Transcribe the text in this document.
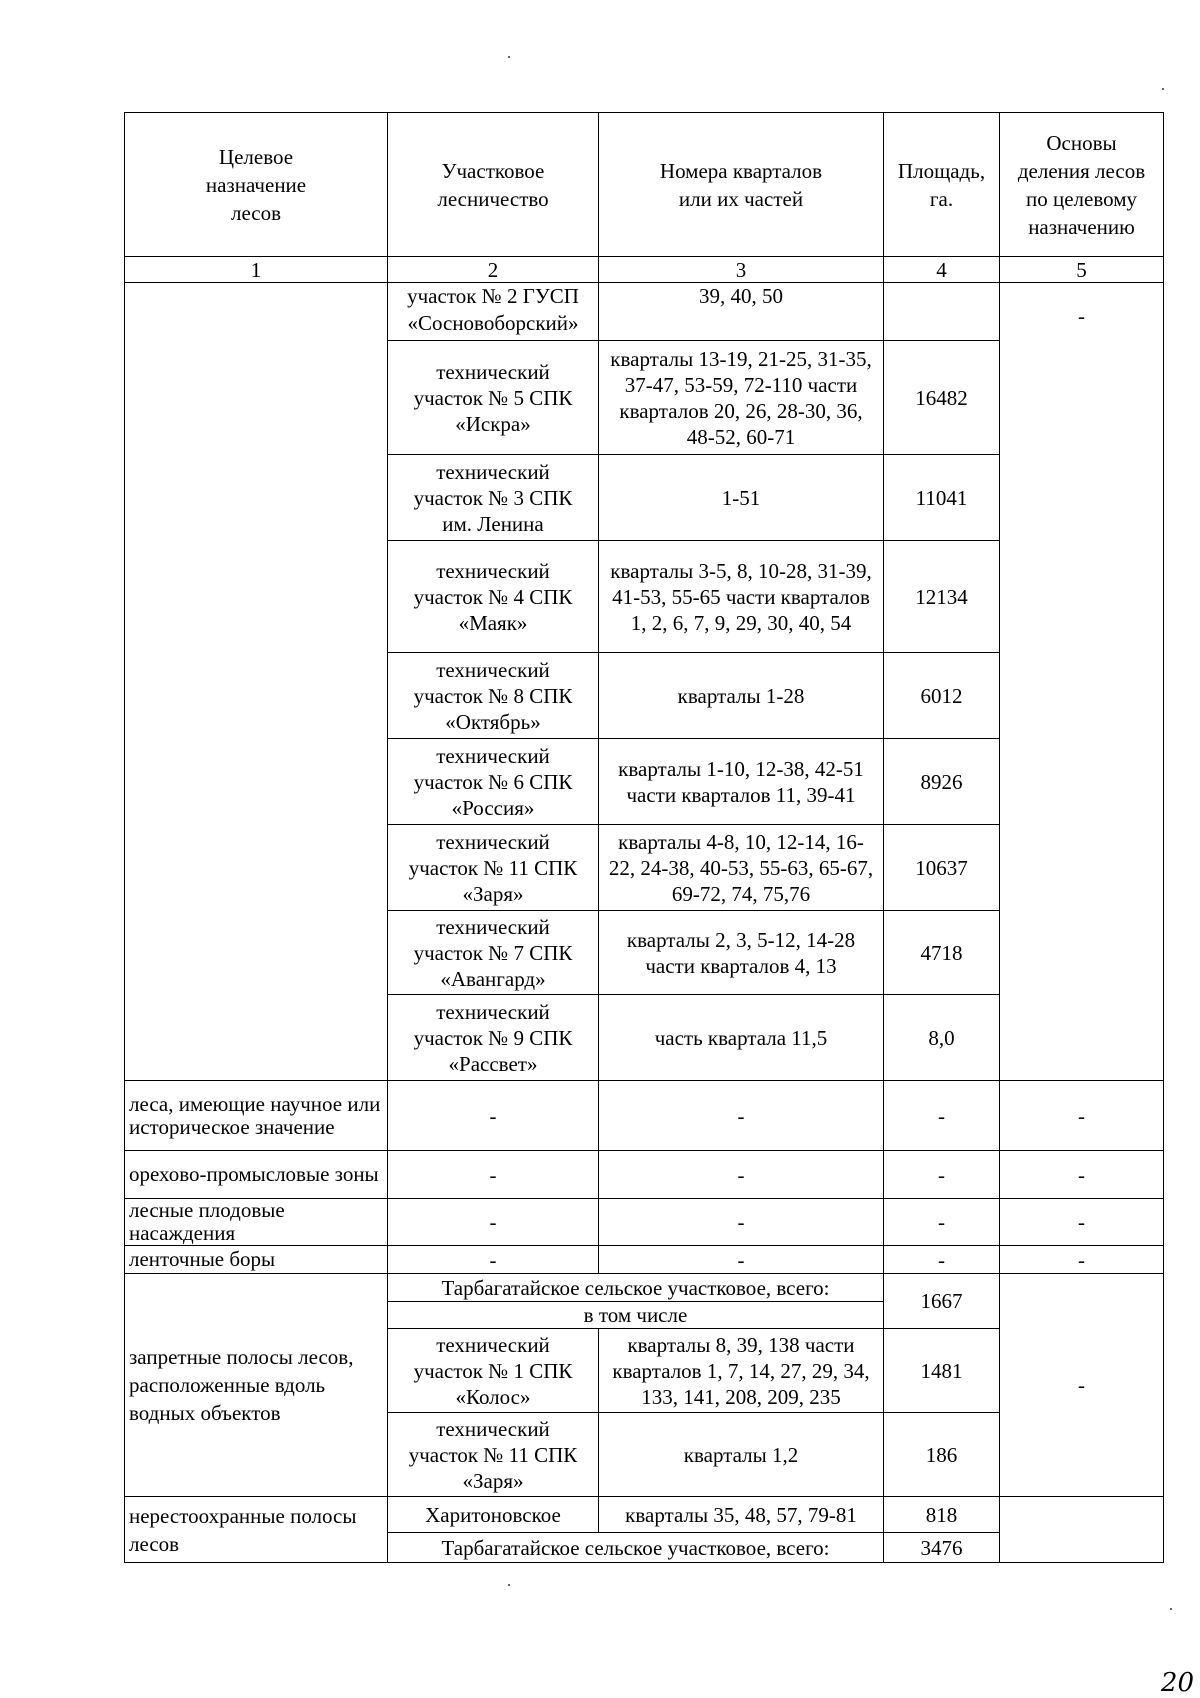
Целевое назначение лесов	Участковое лесничество	Номера кварталов или их частей	Площадь, га.	Основы деления лесов по целевому назначению

1	2	3	4	5

	участок № 2 ГУСП «Сосновоборский»	39, 40, 50		-

	технический участок № 5 СПК «Искра»	кварталы 13-19, 21-25, 31-35, 37-47, 53-59, 72-110 части кварталов 20, 26, 28-30, 36, 48-52, 60-71	16482	

	технический участок № 3 СПК им. Ленина	1-51	11041	

	технический участок № 4 СПК «Маяк»	кварталы 3-5, 8, 10-28, 31-39, 41-53, 55-65 части кварталов 1, 2, 6, 7, 9, 29, 30, 40, 54	12134	

	технический участок № 8 СПК «Октябрь»	кварталы 1-28	6012	

	технический участок № 6 СПК «Россия»	кварталы 1-10, 12-38, 42-51 части кварталов 11, 39-41	8926	

	технический участок № 11 СПК «Заря»	кварталы 4-8, 10, 12-14, 16-22, 24-38, 40-53, 55-63, 65-67, 69-72, 74, 75,76	10637	

	технический участок № 7 СПК «Авангард»	кварталы 2, 3, 5-12, 14-28 части кварталов 4, 13	4718	

	технический участок № 9 СПК «Рассвет»	часть квартала 11,5	8,0	
леса, имеющие научное или историческое значение	-	-	-	-
орехово-промысловые зоны	-	-	-	-
лесные плодовые насаждения	-	-	-	-
ленточные боры	-	-	-	-
запретные полосы лесов, расположенные вдоль водных объектов	Тарбагатайское сельское участковое, всего:		1667	-
	в том числе			

	технический участок № 1 СПК «Колос»	кварталы 8, 39, 138 части кварталов 1, 7, 14, 27, 29, 34, 133, 141, 208, 209, 235	1481	

	технический участок № 11 СПК «Заря»	кварталы 1,2	186	
нерестоохранные полосы лесов	Харитоновское	кварталы 35, 48, 57, 79-81	818	
	Тарбагатайское сельское участковое, всего:		3476	
20
